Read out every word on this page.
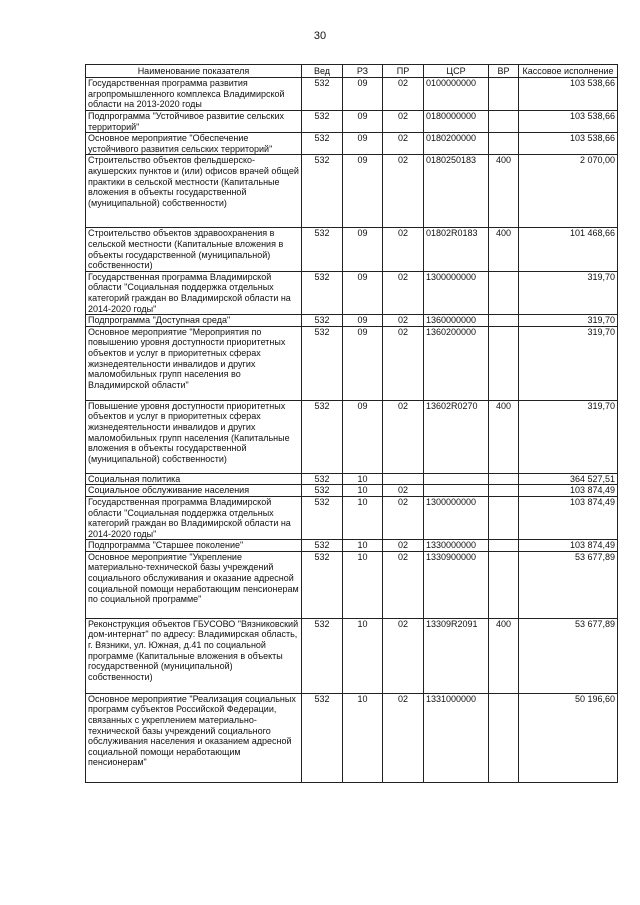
30
Наименование показателя	Вед	РЗ	ПР	ЦСР	ВР	Кассовое исполнение
Государственная программа развития агропромышленного комплекса Владимирской области на 2013-2020 годы	532	09	02	0100000000		103 538,66
Подпрограмма "Устойчивое развитие сельских территорий"	532	09	02	0180000000		103 538,66
Основное мероприятие "Обеспечение устойчивого развития сельских территорий"	532	09	02	0180200000		103 538,66
Строительство объектов фельдшерско-акушерских пунктов и (или) офисов врачей общей практики в сельской местности (Капитальные вложения в объекты государственной (муниципальной) собственности)	532	09	02	0180250183	400	2 070,00
Строительство объектов здравоохранения в сельской местности (Капитальные вложения в объекты государственной (муниципальной) собственности)	532	09	02	01802R0183	400	101 468,66
Государственная программа Владимирской области "Социальная поддержка отдельных категорий граждан во Владимирской области на 2014-2020 годы"	532	09	02	1300000000		319,70
Подпрограмма "Доступная среда"	532	09	02	1360000000		319,70
Основное мероприятие "Мероприятия по повышению уровня доступности приоритетных объектов и услуг в приоритетных сферах жизнедеятельности инвалидов и других маломобильных групп населения во Владимирской области"	532	09	02	1360200000		319,70
Повышение уровня доступности приоритетных объектов и услуг в приоритетных сферах жизнедеятельности инвалидов и других маломобильных групп населения (Капитальные вложения в объекты государственной (муниципальной) собственности)	532	09	02	13602R0270	400	319,70
Социальная политика	532	10				364 527,51
Социальное обслуживание населения	532	10	02			103 874,49
Государственная программа Владимирской области "Социальная поддержка отдельных категорий граждан во Владимирской области на 2014-2020 годы"	532	10	02	1300000000		103 874,49
Подпрограмма "Старшее поколение"	532	10	02	1330000000		103 874,49
Основное мероприятие "Укрепление материально-технической базы учреждений социального обслуживания и оказание адресной социальной помощи неработающим пенсионерам по социальной программе"	532	10	02	1330900000		53 677,89
Реконструкция объектов ГБУСОВО "Вязниковский дом-интернат" по адресу: Владимирская область, г. Вязники, ул. Южная, д.41 по социальной программе (Капитальные вложения в объекты государственной (муниципальной) собственности)	532	10	02	13309R2091	400	53 677,89
Основное мероприятие "Реализация социальных программ субъектов Российской Федерации, связанных с укреплением материально-технической базы учреждений социального обслуживания населения и оказанием адресной социальной помощи неработающим пенсионерам"	532	10	02	1331000000		50 196,60
